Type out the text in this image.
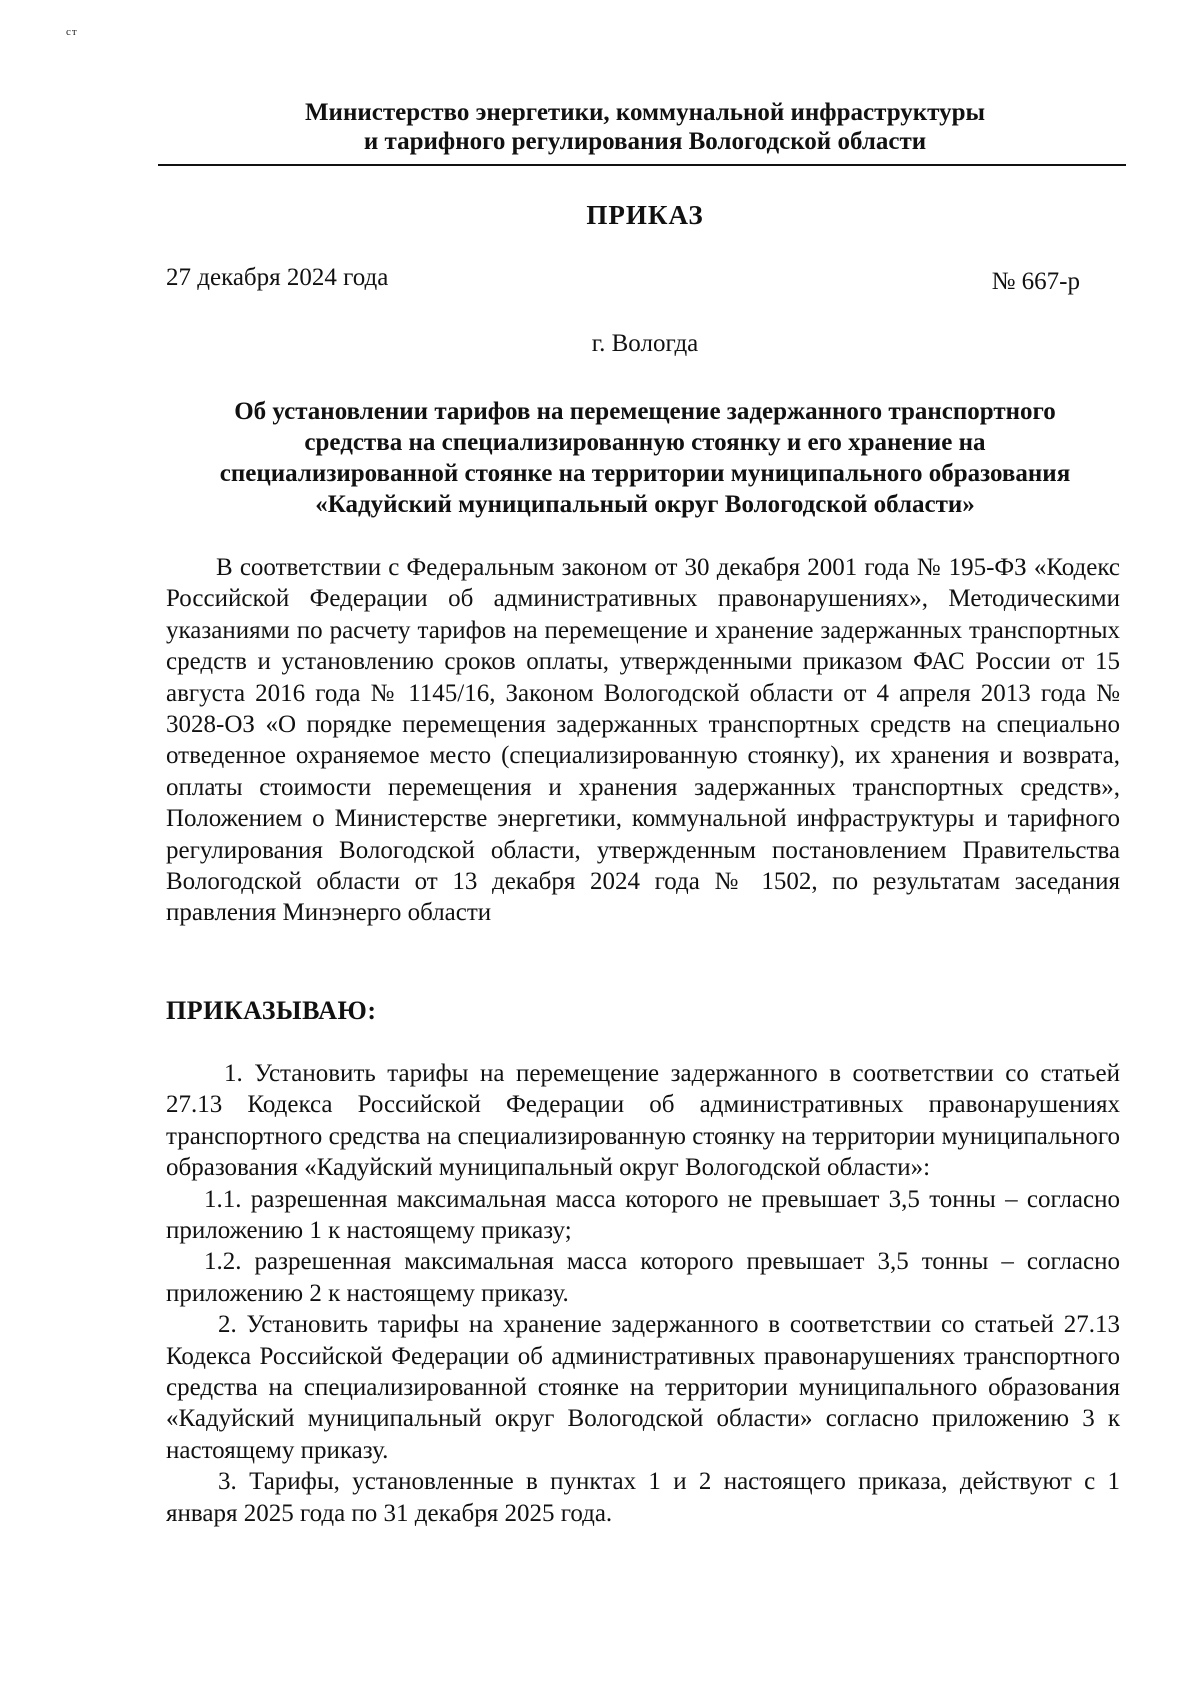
ст
Министерство энергетики, коммунальной инфраструктуры
и тарифного регулирования Вологодской области
ПРИКАЗ
27 декабря 2024 года	№ 667-р
г. Вологда
Об установлении тарифов на перемещение задержанного транспортного
средства на специализированную стоянку и его хранение на
специализированной стоянке на территории муниципального образования
«Кадуйский муниципальный округ Вологодской области»

В соответствии с Федеральным законом от 30 декабря 2001 года № 195-ФЗ «Кодекс Российской Федерации об административных правонарушениях», Методическими указаниями по расчету тарифов на перемещение и хранение задержанных транспортных средств и установлению сроков оплаты, утвержденными приказом ФАС России от 15 августа 2016 года № 1145/16, Законом Вологодской области от 4 апреля 2013 года № 3028-ОЗ «О порядке перемещения задержанных транспортных средств на специально отведенное охраняемое место (специализированную стоянку), их хранения и возврата, оплаты стоимости перемещения и хранения задержанных транспортных средств», Положением о Министерстве энергетики, коммунальной инфраструктуры и тарифного регулирования Вологодской области, утвержденным постановлением Правительства Вологодской области от 13 декабря 2024 года № 1502, по результатам заседания правления Минэнерго области

ПРИКАЗЫВАЮ:

1. Установить тарифы на перемещение задержанного в соответствии со статьей 27.13 Кодекса Российской Федерации об административных правонарушениях транспортного средства на специализированную стоянку на территории муниципального образования «Кадуйский муниципальный округ Вологодской области»:

1.1. разрешенная максимальная масса которого не превышает 3,5 тонны – согласно приложению 1 к настоящему приказу;

1.2. разрешенная максимальная масса которого превышает 3,5 тонны – согласно приложению 2 к настоящему приказу.

2. Установить тарифы на хранение задержанного в соответствии со статьей 27.13 Кодекса Российской Федерации об административных правонарушениях транспортного средства на специализированной стоянке на территории муниципального образования «Кадуйский муниципальный округ Вологодской области» согласно приложению 3 к настоящему приказу.

3. Тарифы, установленные в пунктах 1 и 2 настоящего приказа, действуют с 1 января 2025 года по 31 декабря 2025 года.
